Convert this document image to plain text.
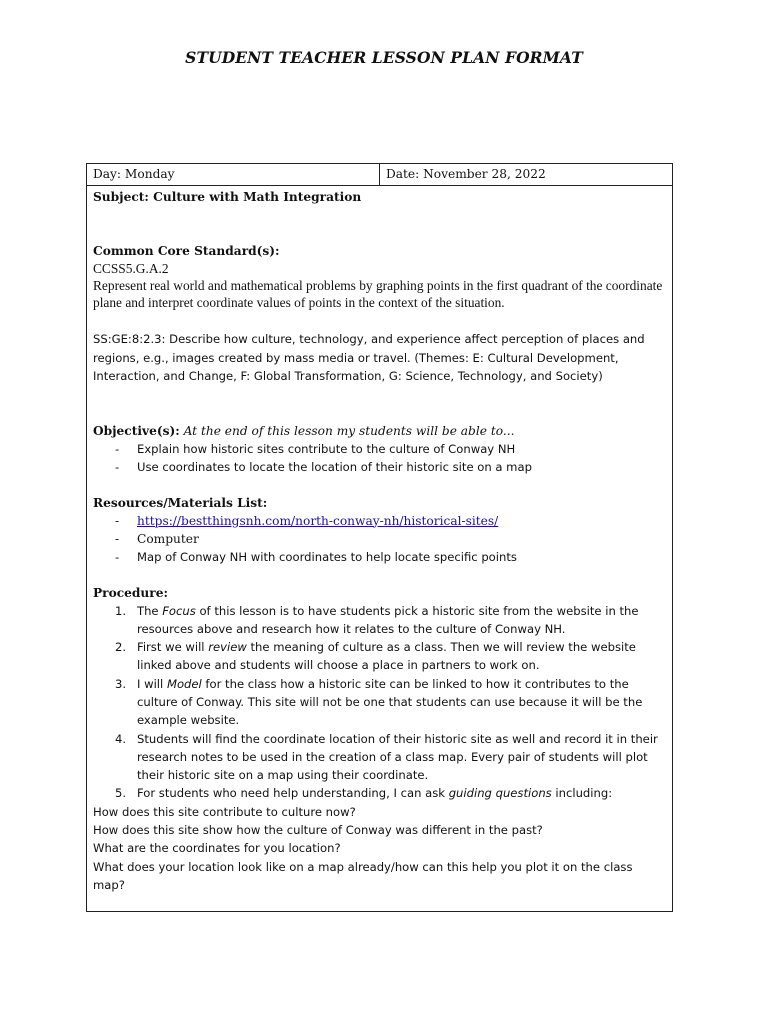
STUDENT TEACHER LESSON PLAN FORMAT
Day: Monday	Date: November 28, 2022
Subject: Culture with Math Integration
Common Core Standard(s):
CCSS5.G.A.2
Represent real world and mathematical problems by graphing points in the first quadrant of the coordinate plane and interpret coordinate values of points in the context of the situation.
SS:GE:8:2.3: Describe how culture, technology, and experience affect perception of places and regions, e.g., images created by mass media or travel. (Themes: E: Cultural Development, Interaction, and Change, F: Global Transformation, G: Science, Technology, and Society)
Objective(s): At the end of this lesson my students will be able to...
- Explain how historic sites contribute to the culture of Conway NH
- Use coordinates to locate the location of their historic site on a map
Resources/Materials List:
- https://bestthingsnh.com/north-conway-nh/historical-sites/
- Computer
- Map of Conway NH with coordinates to help locate specific points
Procedure:
1. The Focus of this lesson is to have students pick a historic site from the website in the resources above and research how it relates to the culture of Conway NH.
2. First we will review the meaning of culture as a class. Then we will review the website linked above and students will choose a place in partners to work on.
3. I will Model for the class how a historic site can be linked to how it contributes to the culture of Conway. This site will not be one that students can use because it will be the example website.
4. Students will find the coordinate location of their historic site as well and record it in their research notes to be used in the creation of a class map. Every pair of students will plot their historic site on a map using their coordinate.
5. For students who need help understanding, I can ask guiding questions including:
How does this site contribute to culture now?
How does this site show how the culture of Conway was different in the past?
What are the coordinates for you location?
What does your location look like on a map already/how can this help you plot it on the class map?
